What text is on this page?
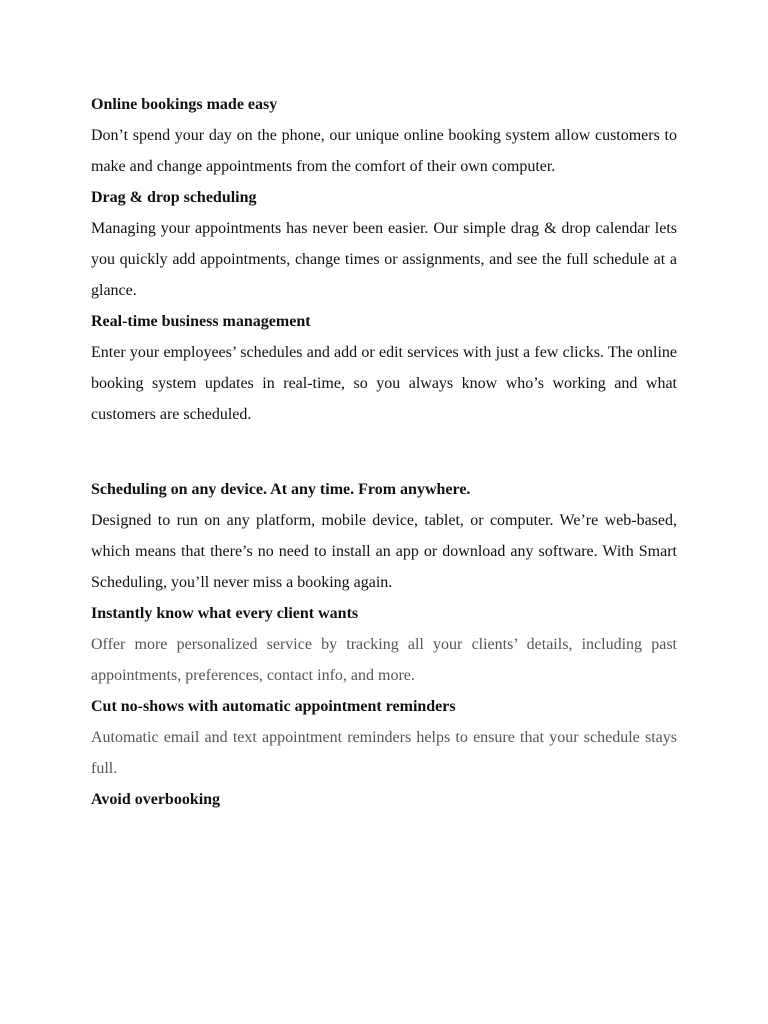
Online bookings made easy

Don’t spend your day on the phone, our unique online booking system allow customers to make and change appointments from the comfort of their own computer.

Drag & drop scheduling

Managing your appointments has never been easier. Our simple drag & drop calendar lets you quickly add appointments, change times or assignments, and see the full schedule at a glance.

Real-time business management

Enter your employees’ schedules and add or edit services with just a few clicks. The online booking system updates in real-time, so you always know who’s working and what customers are scheduled.

Scheduling on any device. At any time. From anywhere.

Designed to run on any platform, mobile device, tablet, or computer. We’re web-based, which means that there’s no need to install an app or download any software. With Smart Scheduling, you’ll never miss a booking again.

Instantly know what every client wants

Offer more personalized service by tracking all your clients’ details, including past appointments, preferences, contact info, and more.

Cut no-shows with automatic appointment reminders

Automatic email and text appointment reminders helps to ensure that your schedule stays full.

Avoid overbooking
